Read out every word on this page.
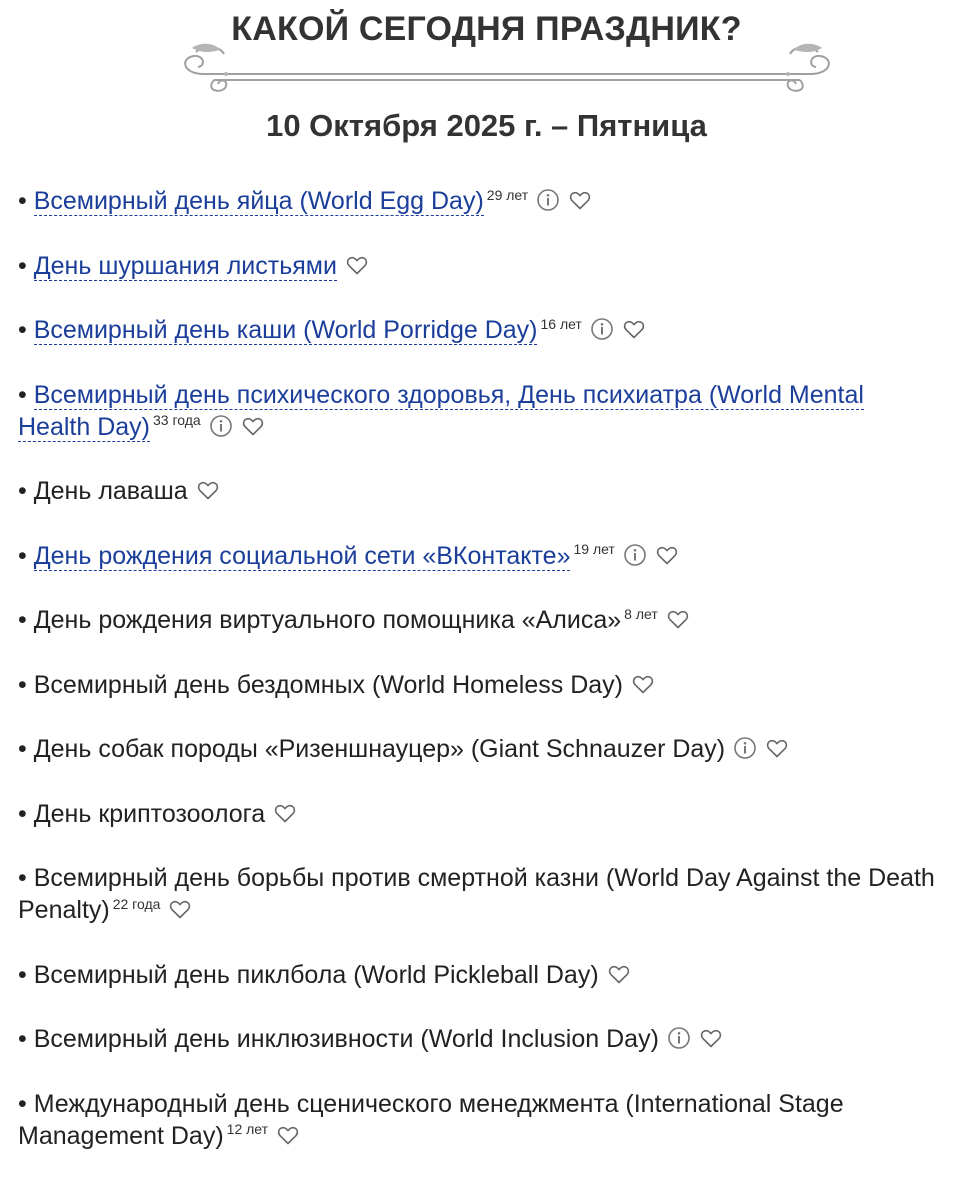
КАКОЙ СЕГОДНЯ ПРАЗДНИК?
10 Октября 2025 г. – Пятница
• Всемирный день яйца (World Egg Day) $^{29 лет}$
• День шуршания листьями
• Всемирный день каши (World Porridge Day) $^{16 лет}$
• Всемирный день психического здоровья, День психиатра (World Mental Health Day) $^{33 года}$
• День лаваша
• День рождения социальной сети «ВКонтакте» $^{19 лет}$
• День рождения виртуального помощника «Алиса» $^{8 лет}$
• Всемирный день бездомных (World Homeless Day)
• День собак породы «Ризеншнауцер» (Giant Schnauzer Day)
• День криптозоолога
• Всемирный день борьбы против смертной казни (World Day Against the Death Penalty) $^{22 года}$
• Всемирный день пиклбола (World Pickleball Day)
• Всемирный день инклюзивности (World Inclusion Day)
• Международный день сценического менеджмента (International Stage Management Day) $^{12 лет}$
